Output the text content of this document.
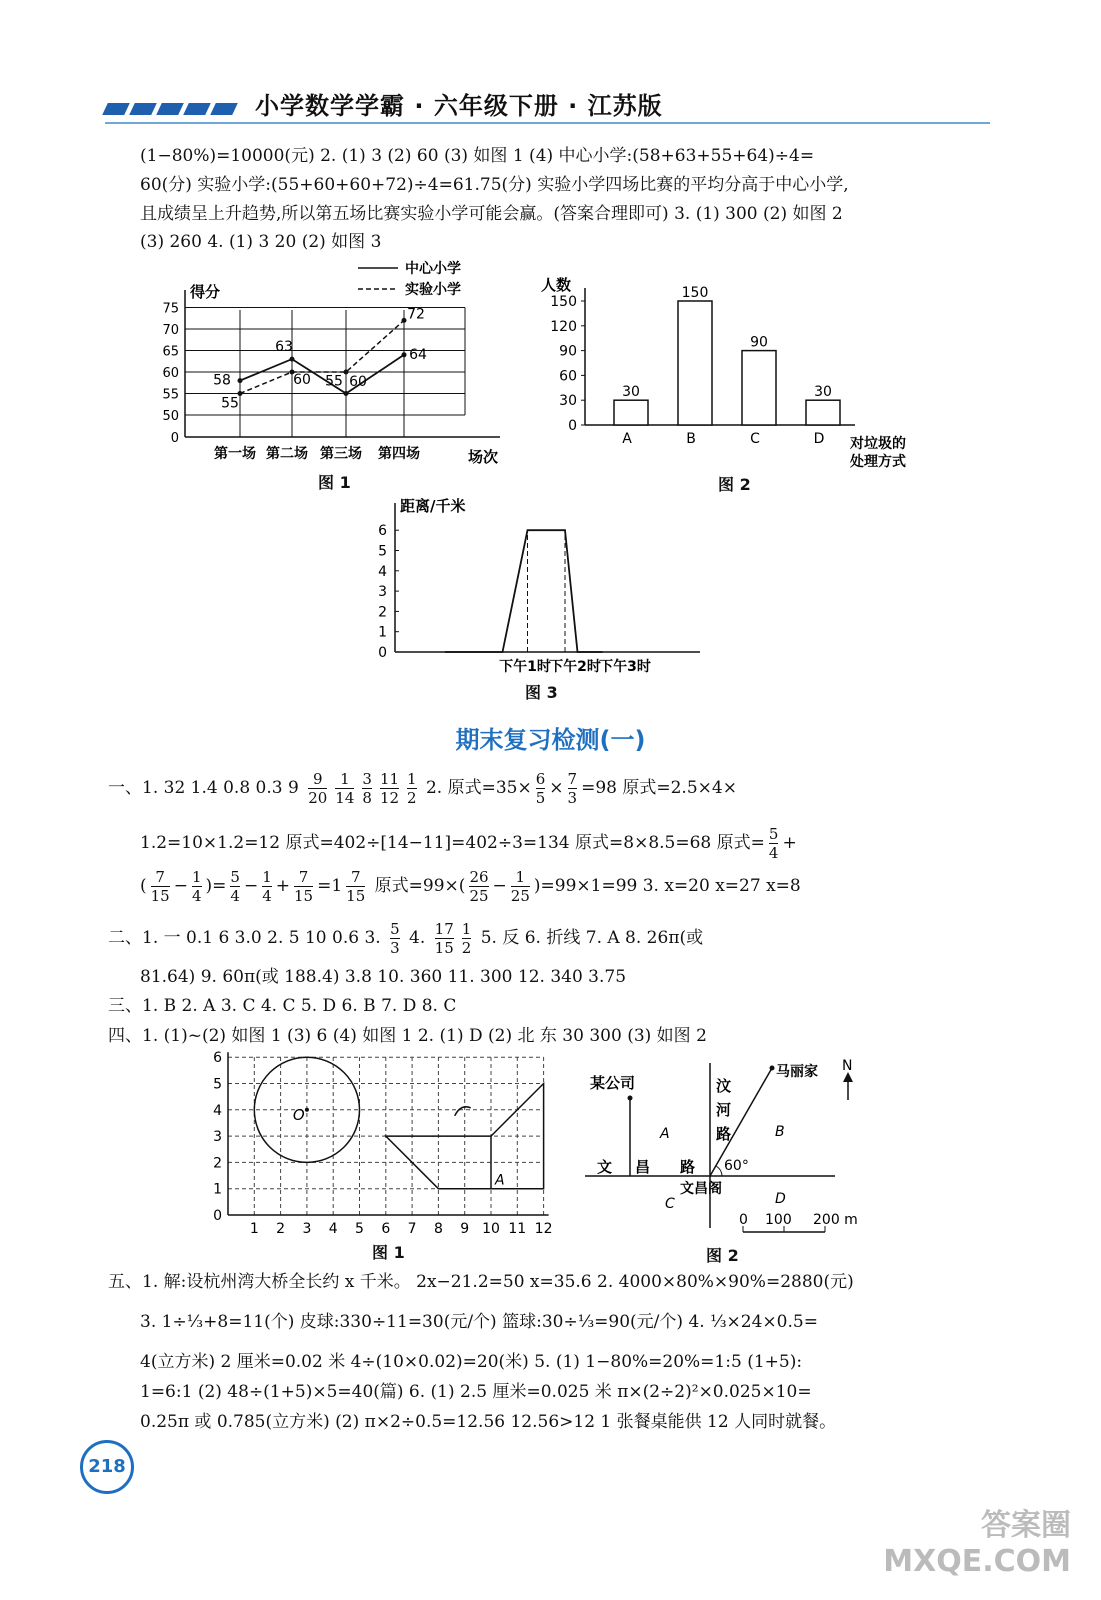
小学数学学霸 · 六年级下册 · 江苏版
(1−80%)=10000(元) 2. (1) 3 (2) 60 (3) 如图 1 (4) 中心小学:(58+63+55+64)÷4=
60(分) 实验小学:(55+60+60+72)÷4=61.75(分) 实验小学四场比赛的平均分高于中心小学,
且成绩呈上升趋势,所以第五场比赛实验小学可能会赢。(答案合理即可) 3. (1) 300 (2) 如图 2
(3) 260 4. (1) 3 20 (2) 如图 3
得分
场次
中心小学
实验小学
0
50
55
60
65
70
75
第一场 第二场 第三场 第四场
58
63
55
64
55
60	60
72
图 1
人数
0
30
60
90
120
150
30
A
150
B
90
C
30
D 对垃圾的
处理方式
图 2
距离/千米
0
1
2
3
4
5
6
下午1时
下午2时
下午3时
图 3
期末复习检测(一)
一、1. 32 1.4 0.8 0.3 $9 \frac{9}{20} \frac{1}{14} \frac{3}{8} \frac{11}{12} \frac{1}{2} 2$. 原式$=35\times \frac{6}{5} \times \frac{7}{3} =98$ 原式=2.5×4×
1.2=10×1.2=12 原式=402÷[14−11]=402÷3=134 原式=8×8.5=68 原式= $\frac{5}{4}$ +
( $\frac{7}{15} - \frac{1}{4}$ )= $\frac{5}{4} - \frac{1}{4} + \frac{7}{15} =1 \frac{7}{15}$ 原式$=99\times( \frac{26}{25} - \frac{1}{25} )=99\times 1=99$ 3. x=20 x=27 x=8
二、1. 一 0.1 6 3.0 2. 5 10 0.6 3. $\frac{5}{3} 4$. $\frac{17}{15} \frac{1}{2} 5$. 反 6. 折线 7. A 8. 26π(或
81.64) 9. 60π(或 188.4) 3.8 10. 360 11. 300 12. 340 3.75
三、1. B 2. A 3. C 4. C 5. D 6. B 7. D 8. C
四、1. (1)~(2) 如图 1 (3) 6 (4) 如图 1 2. (1) D (2) 北 东 30 300 (3) 如图 2
0
1
2
3
4
5
6
1 2 3 4 5 6 7 8 9 10 11 12
O
A
图 1
马丽家
某公司	汶
河
路
文 昌 路
文昌阁
60°
N
A	B
C	D
0 100 200 m
图 2
五、1. 解:设杭州湾大桥全长约 x 千米。 2x−21.2=50 x=35.6 2. 4000×80%×90%=2880(元)
3. 1÷⅓+8=11(个) 皮球:330÷11=30(元/个) 篮球:30÷⅓=90(元/个) 4. ⅓×24×0.5=
4(立方米) 2 厘米=0.02 米 4÷(10×0.02)=20(米) 5. (1) 1−80%=20%=1:5 (1+5):
1=6:1 (2) 48÷(1+5)×5=40(篇) 6. (1) 2.5 厘米=0.025 米 π×(2÷2)²×0.025×10=
0.25π 或 0.785(立方米) (2) π×2÷0.5=12.56 12.56>12 1 张餐桌能供 12 人同时就餐。
218
答案圈
MXQE.COM
